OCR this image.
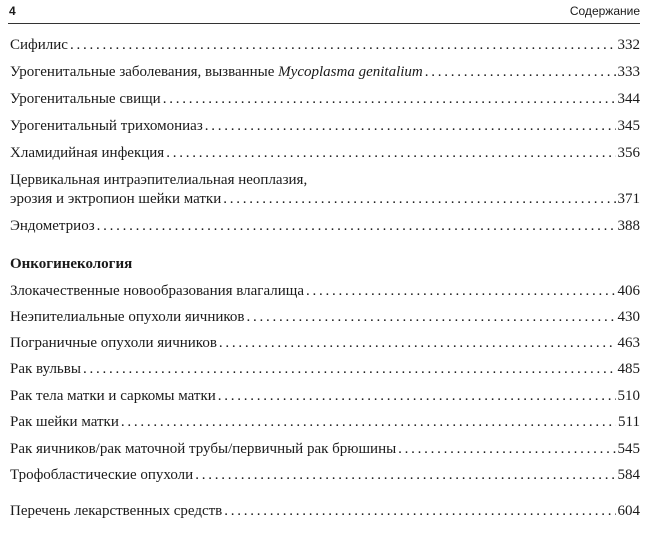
4	Содержание
Сифилис . . .	332
Урогенитальные заболевания, вызванные Mycoplasma genitalium . . .	333
Урогенитальные свищи . . .	344
Урогенитальный трихомониаз . . .	345
Хламидийная инфекция . . .	356
Цервикальная интраэпителиальная неоплазия,
эрозия и эктропион шейки матки . . .	371
Эндометриоз . . .	388
Онкогинекология
Злокачественные новообразования влагалища . . .	406
Неэпителиальные опухоли яичников . . .	430
Пограничные опухоли яичников . . .	463
Рак вульвы . . .	485
Рак тела матки и саркомы матки . . .	510
Рак шейки матки . . .	511
Рак яичников/рак маточной трубы/первичный рак брюшины . . .	545
Трофобластические опухоли . . .	584
Перечень лекарственных средств . . .	604
